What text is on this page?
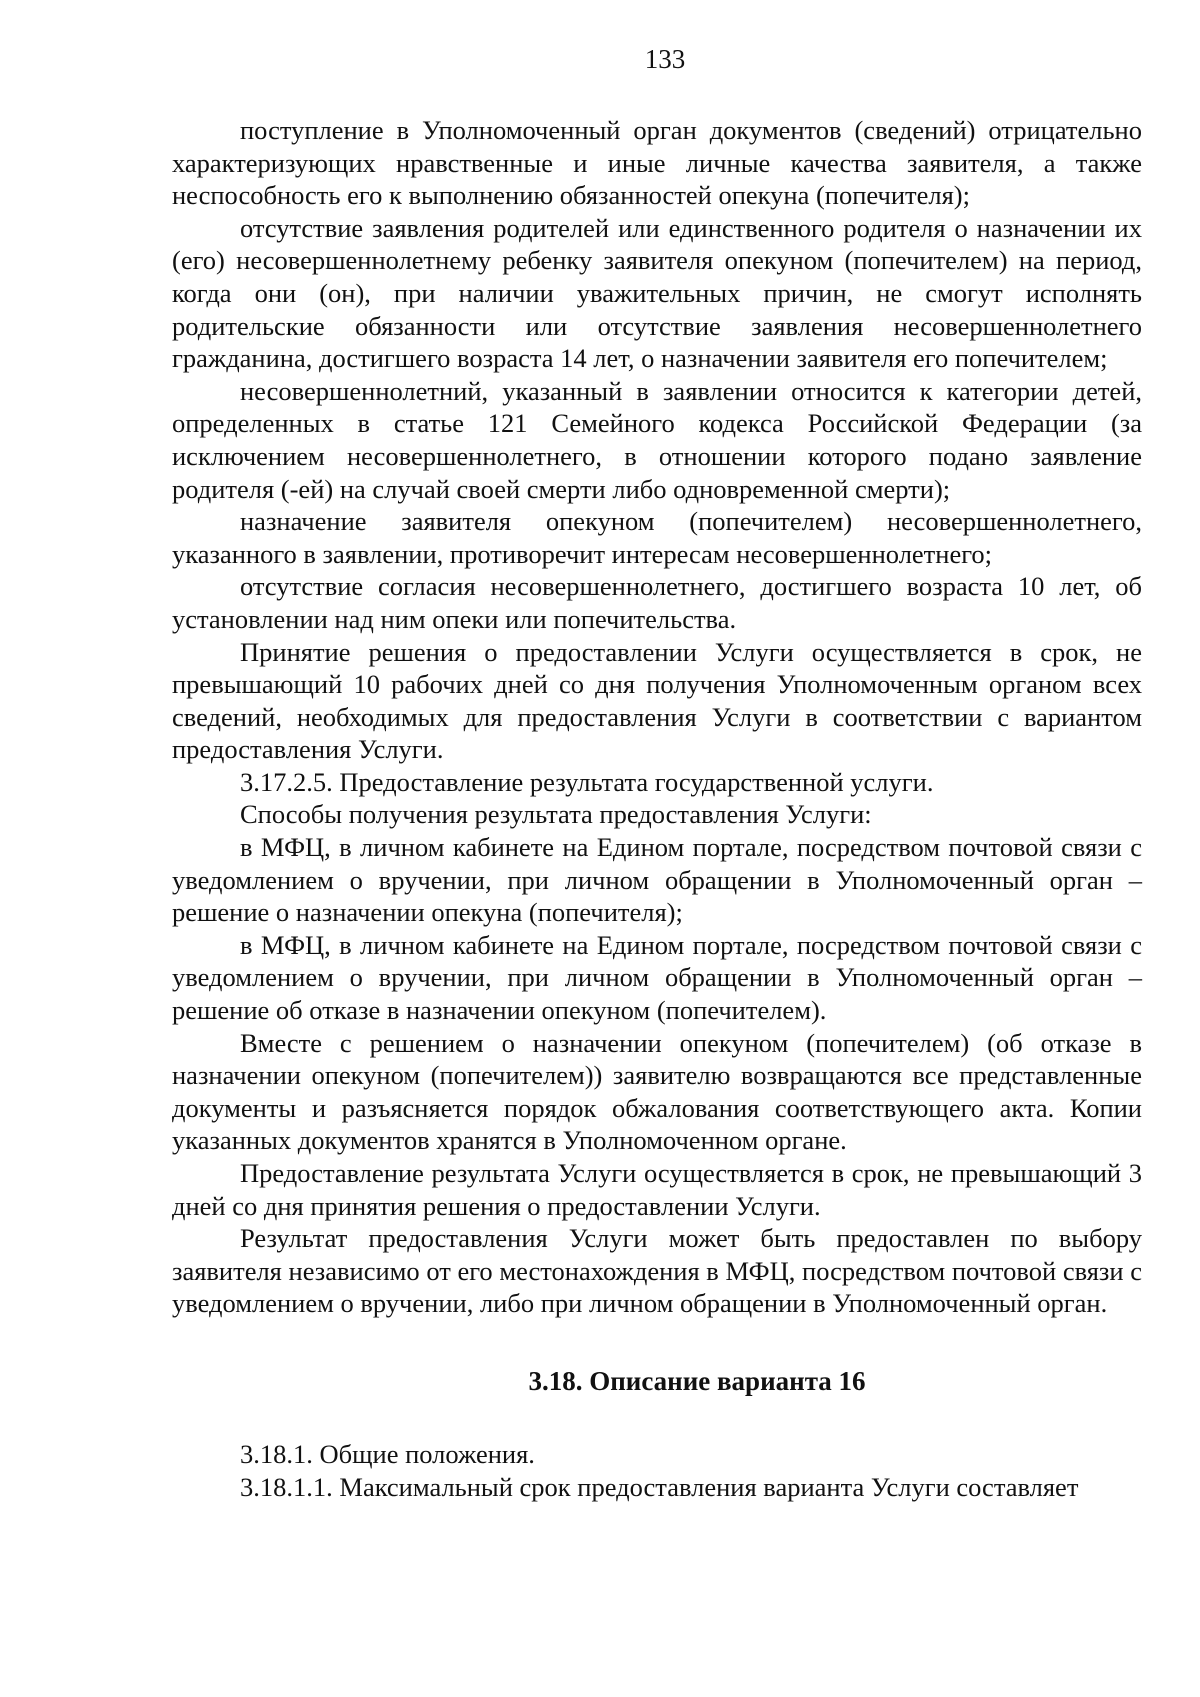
133

поступление в Уполномоченный орган документов (сведений) отрицательно характеризующих нравственные и иные личные качества заявителя, а также неспособность его к выполнению обязанностей опекуна (попечителя);

отсутствие заявления родителей или единственного родителя о назначении их (его) несовершеннолетнему ребенку заявителя опекуном (попечителем) на период, когда они (он), при наличии уважительных причин, не смогут исполнять родительские обязанности или отсутствие заявления несовершеннолетнего гражданина, достигшего возраста 14 лет, о назначении заявителя его попечителем;

несовершеннолетний, указанный в заявлении относится к категории детей, определенных в статье 121 Семейного кодекса Российской Федерации (за исключением несовершеннолетнего, в отношении которого подано заявление родителя (-ей) на случай своей смерти либо одновременной смерти);

назначение заявителя опекуном (попечителем) несовершеннолетнего, указанного в заявлении, противоречит интересам несовершеннолетнего;

отсутствие согласия несовершеннолетнего, достигшего возраста 10 лет, об установлении над ним опеки или попечительства.

Принятие решения о предоставлении Услуги осуществляется в срок, не превышающий 10 рабочих дней со дня получения Уполномоченным органом всех сведений, необходимых для предоставления Услуги в соответствии с вариантом предоставления Услуги.

3.17.2.5. Предоставление результата государственной услуги.

Способы получения результата предоставления Услуги:

в МФЦ, в личном кабинете на Едином портале, посредством почтовой связи с уведомлением о вручении, при личном обращении в Уполномоченный орган – решение о назначении опекуна (попечителя);

в МФЦ, в личном кабинете на Едином портале, посредством почтовой связи с уведомлением о вручении, при личном обращении в Уполномоченный орган – решение об отказе в назначении опекуном (попечителем).

Вместе с решением о назначении опекуном (попечителем) (об отказе в назначении опекуном (попечителем)) заявителю возвращаются все представленные документы и разъясняется порядок обжалования соответствующего акта. Копии указанных документов хранятся в Уполномоченном органе.

Предоставление результата Услуги осуществляется в срок, не превышающий 3 дней со дня принятия решения о предоставлении Услуги.

Результат предоставления Услуги может быть предоставлен по выбору заявителя независимо от его местонахождения в МФЦ, посредством почтовой связи с уведомлением о вручении, либо при личном обращении в Уполномоченный орган.

3.18. Описание варианта 16

3.18.1. Общие положения.

3.18.1.1. Максимальный срок предоставления варианта Услуги составляет
